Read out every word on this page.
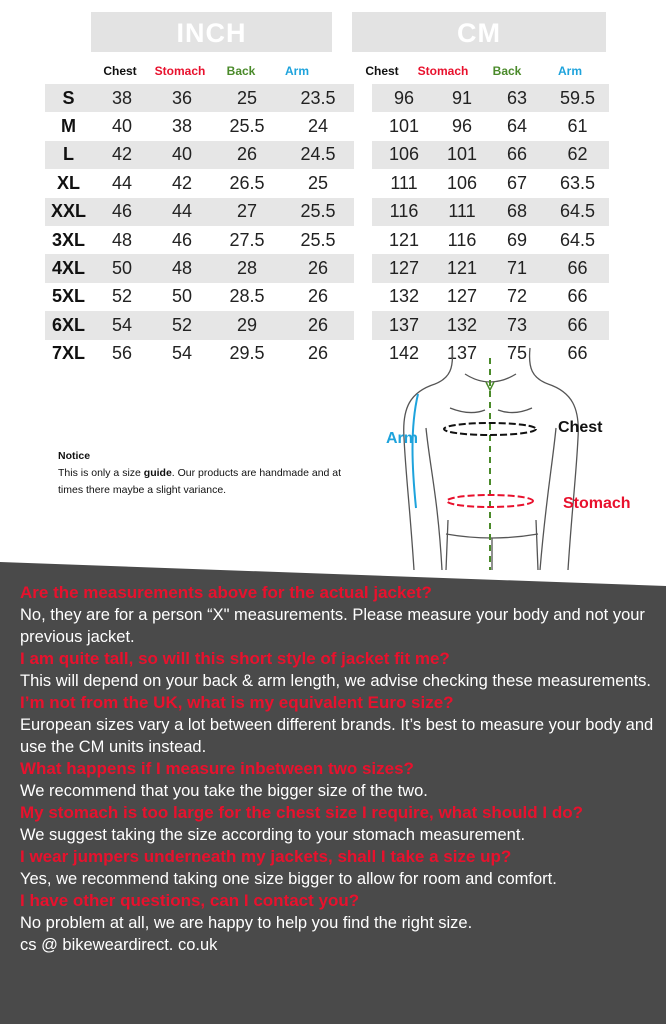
INCH	CM
Chest	Stomach	Back	Arm	Chest	Stomach	Back	Arm
S	38	36	25	23.5		96	91	63	59.5
M	40	38	25.5	24		101	96	64	61
L	42	40	26	24.5		106	101	66	62
XL	44	42	26.5	25		111	106	67	63.5
XXL	46	44	27	25.5		116	111	68	64.5
3XL	48	46	27.5	25.5		121	116	69	64.5
4XL	50	48	28	26		127	121	71	66
5XL	52	50	28.5	26		132	127	72	66
6XL	54	52	29	26		137	132	73	66
7XL	56	54	29.5	26		142	137	75	66
Notice
This is only a size guide. Our products are handmade and at times there maybe a slight variance.
Arm
Chest
Stomach
Are the measurements above for the actual jacket?
No, they are for a person “X" measurements. Please measure your body and not your previous jacket.
I am quite tall, so will this short style of jacket fit me?
This will depend on your back & arm length, we advise checking these measurements.
I’m not from the UK, what is my equivalent Euro size?
European sizes vary a lot between different brands. It’s best to measure your body and use the CM units instead.
What happens if I measure inbetween two sizes?
We recommend that you take the bigger size of the two.
My stomach is too large for the chest size I require, what should I do?
We suggest taking the size according to your stomach measurement.
I wear jumpers underneath my jackets, shall I take a size up?
Yes, we recommend taking one size bigger to allow for room and comfort.
I have other questions, can I contact you?
No problem at all, we are happy to help you find the right size.
cs @ bikeweardirect. co.uk
